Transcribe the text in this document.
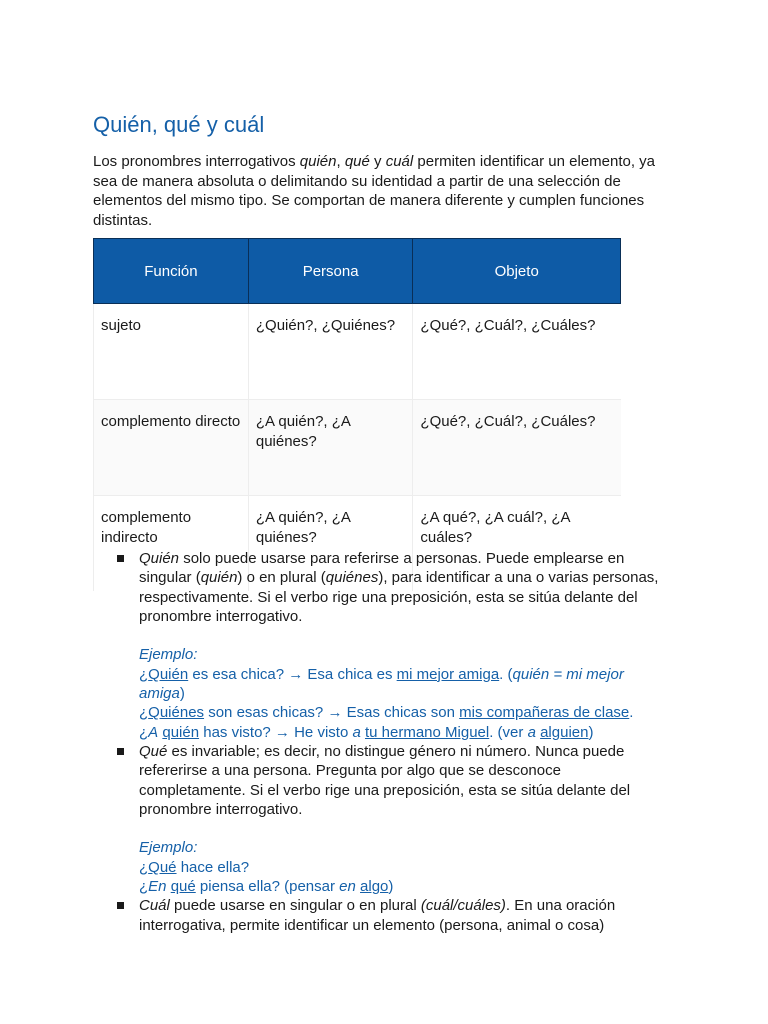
Quién, qué y cuál

Los pronombres interrogativos quién, qué y cuál permiten identificar un elemento, ya sea de manera absoluta o delimitando su identidad a partir de una selección de elementos del mismo tipo. Se comportan de manera diferente y cumplen funciones distintas.

Función	Persona	Objeto
sujeto	¿Quién?, ¿Quiénes?	¿Qué?, ¿Cuál?, ¿Cuáles?
complemento directo	¿A quién?, ¿A quiénes?	¿Qué?, ¿Cuál?, ¿Cuáles?
complemento indirecto	¿A quién?, ¿A quiénes?	¿A qué?, ¿A cuál?, ¿A cuáles?
Quién solo puede usarse para referirse a personas. Puede emplearse en singular (quién) o en plural (quiénes), para identificar a una o varias personas, respectivamente. Si el verbo rige una preposición, esta se sitúa delante del pronombre interrogativo.
Ejemplo:
¿Quién es esa chica? → Esa chica es mi mejor amiga. (quién = mi mejor amiga)
¿Quiénes son esas chicas? → Esas chicas son mis compañeras de clase.
¿A quién has visto? → He visto a tu hermano Miguel. (ver a alguien)
Qué es invariable; es decir, no distingue género ni número. Nunca puede refererirse a una persona. Pregunta por algo que se desconoce completamente. Si el verbo rige una preposición, esta se sitúa delante del pronombre interrogativo.
Ejemplo:
¿Qué hace ella?
¿En qué piensa ella? (pensar en algo)
Cuál puede usarse en singular o en plural (cuál/cuáles). En una oración interrogativa, permite identificar un elemento (persona, animal o cosa)
